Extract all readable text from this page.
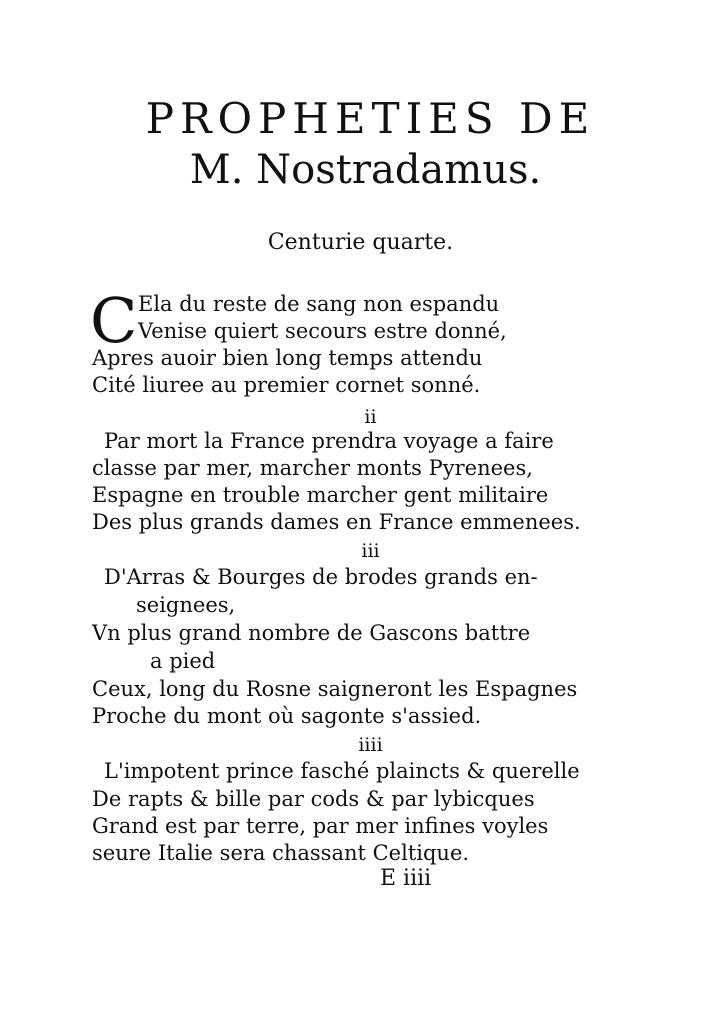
PROPHETIES DE
M. Nostradamus.
Centurie quarte.
C Ela du reste de sang non espandu
Venise quiert secours estre donné,
Apres auoir bien long temps attendu
Cité liuree au premier cornet sonné.
ii
Par mort la France prendra voyage a faire
classe par mer, marcher monts Pyrenees,
Espagne en trouble marcher gent militaire
Des plus grands dames en France emmenees.
iii
D'Arras & Bourges de brodes grands en-
seignees,
Vn plus grand nombre de Gascons battre
a pied
Ceux, long du Rosne saigneront les Espagnes
Proche du mont où sagonte s'assied.
iiii
L'impotent prince fasché plaincts & querelle
De rapts & bille par cods & par lybicques
Grand est par terre, par mer infines voyles
seure Italie sera chassant Celtique.
E iiii
